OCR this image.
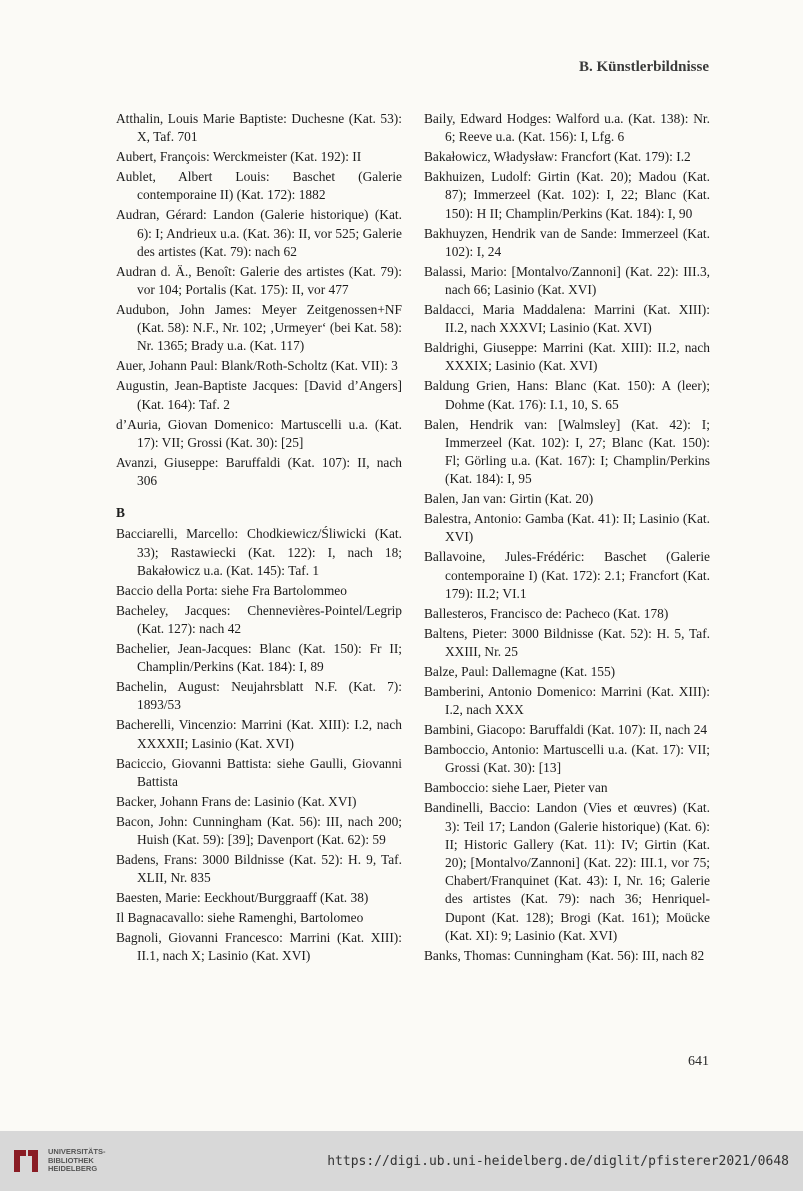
B. Künstlerbildnisse

Atthalin, Louis Marie Baptiste: Duchesne (Kat. 53): X, Taf. 701

Aubert, François: Werckmeister (Kat. 192): II

Aublet, Albert Louis: Baschet (Galerie contemporaine II) (Kat. 172): 1882

Audran, Gérard: Landon (Galerie historique) (Kat. 6): I; Andrieux u.a. (Kat. 36): II, vor 525; Galerie des artistes (Kat. 79): nach 62

Audran d. Ä., Benoît: Galerie des artistes (Kat. 79): vor 104; Portalis (Kat. 175): II, vor 477

Audubon, John James: Meyer Zeitgenossen+NF (Kat. 58): N.F., Nr. 102; ‚Urmeyer‘ (bei Kat. 58): Nr. 1365; Brady u.a. (Kat. 117)

Auer, Johann Paul: Blank/Roth-Scholtz (Kat. VII): 3

Augustin, Jean-Baptiste Jacques: [David d’Angers] (Kat. 164): Taf. 2

d’Auria, Giovan Domenico: Martuscelli u.a. (Kat. 17): VII; Grossi (Kat. 30): [25]

Avanzi, Giuseppe: Baruffaldi (Kat. 107): II, nach 306

B

Bacciarelli, Marcello: Chodkiewicz/Śliwicki (Kat. 33); Rastawiecki (Kat. 122): I, nach 18; Bakałowicz u.a. (Kat. 145): Taf. 1

Baccio della Porta: siehe Fra Bartolommeo

Bacheley, Jacques: Chennevières-Pointel/Legrip (Kat. 127): nach 42

Bachelier, Jean-Jacques: Blanc (Kat. 150): Fr II; Champlin/Perkins (Kat. 184): I, 89

Bachelin, August: Neujahrsblatt N.F. (Kat. 7): 1893/53

Bacherelli, Vincenzio: Marrini (Kat. XIII): I.2, nach XXXXII; Lasinio (Kat. XVI)

Baciccio, Giovanni Battista: siehe Gaulli, Giovanni Battista

Backer, Johann Frans de: Lasinio (Kat. XVI)

Bacon, John: Cunningham (Kat. 56): III, nach 200; Huish (Kat. 59): [39]; Davenport (Kat. 62): 59

Badens, Frans: 3000 Bildnisse (Kat. 52): H. 9, Taf. XLII, Nr. 835

Baesten, Marie: Eeckhout/Burggraaff (Kat. 38)

Il Bagnacavallo: siehe Ramenghi, Bartolomeo

Bagnoli, Giovanni Francesco: Marrini (Kat. XIII): II.1, nach X; Lasinio (Kat. XVI)

Baily, Edward Hodges: Walford u.a. (Kat. 138): Nr. 6; Reeve u.a. (Kat. 156): I, Lfg. 6

Bakałowicz, Władysław: Francfort (Kat. 179): I.2

Bakhuizen, Ludolf: Girtin (Kat. 20); Madou (Kat. 87); Immerzeel (Kat. 102): I, 22; Blanc (Kat. 150): H II; Champlin/Perkins (Kat. 184): I, 90

Bakhuyzen, Hendrik van de Sande: Immerzeel (Kat. 102): I, 24

Balassi, Mario: [Montalvo/Zannoni] (Kat. 22): III.3, nach 66; Lasinio (Kat. XVI)

Baldacci, Maria Maddalena: Marrini (Kat. XIII): II.2, nach XXXVI; Lasinio (Kat. XVI)

Baldrighi, Giuseppe: Marrini (Kat. XIII): II.2, nach XXXIX; Lasinio (Kat. XVI)

Baldung Grien, Hans: Blanc (Kat. 150): A (leer); Dohme (Kat. 176): I.1, 10, S. 65

Balen, Hendrik van: [Walmsley] (Kat. 42): I; Immerzeel (Kat. 102): I, 27; Blanc (Kat. 150): Fl; Görling u.a. (Kat. 167): I; Champlin/Perkins (Kat. 184): I, 95

Balen, Jan van: Girtin (Kat. 20)

Balestra, Antonio: Gamba (Kat. 41): II; Lasinio (Kat. XVI)

Ballavoine, Jules-Frédéric: Baschet (Galerie contemporaine I) (Kat. 172): 2.1; Francfort (Kat. 179): II.2; VI.1

Ballesteros, Francisco de: Pacheco (Kat. 178)

Baltens, Pieter: 3000 Bildnisse (Kat. 52): H. 5, Taf. XXIII, Nr. 25

Balze, Paul: Dallemagne (Kat. 155)

Bamberini, Antonio Domenico: Marrini (Kat. XIII): I.2, nach XXX

Bambini, Giacopo: Baruffaldi (Kat. 107): II, nach 24

Bamboccio, Antonio: Martuscelli u.a. (Kat. 17): VII; Grossi (Kat. 30): [13]

Bamboccio: siehe Laer, Pieter van

Bandinelli, Baccio: Landon (Vies et œuvres) (Kat. 3): Teil 17; Landon (Galerie historique) (Kat. 6): II; Historic Gallery (Kat. 11): IV; Girtin (Kat. 20); [Montalvo/Zannoni] (Kat. 22): III.1, vor 75; Chabert/Franquinet (Kat. 43): I, Nr. 16; Galerie des artistes (Kat. 79): nach 36; Henriquel-Dupont (Kat. 128); Brogi (Kat. 161); Moücke (Kat. XI): 9; Lasinio (Kat. XVI)

Banks, Thomas: Cunningham (Kat. 56): III, nach 82

641
UNIVERSITÄTS-
BIBLIOTHEK
HEIDELBERG
https://digi.ub.uni-heidelberg.de/diglit/pfisterer2021/0648
